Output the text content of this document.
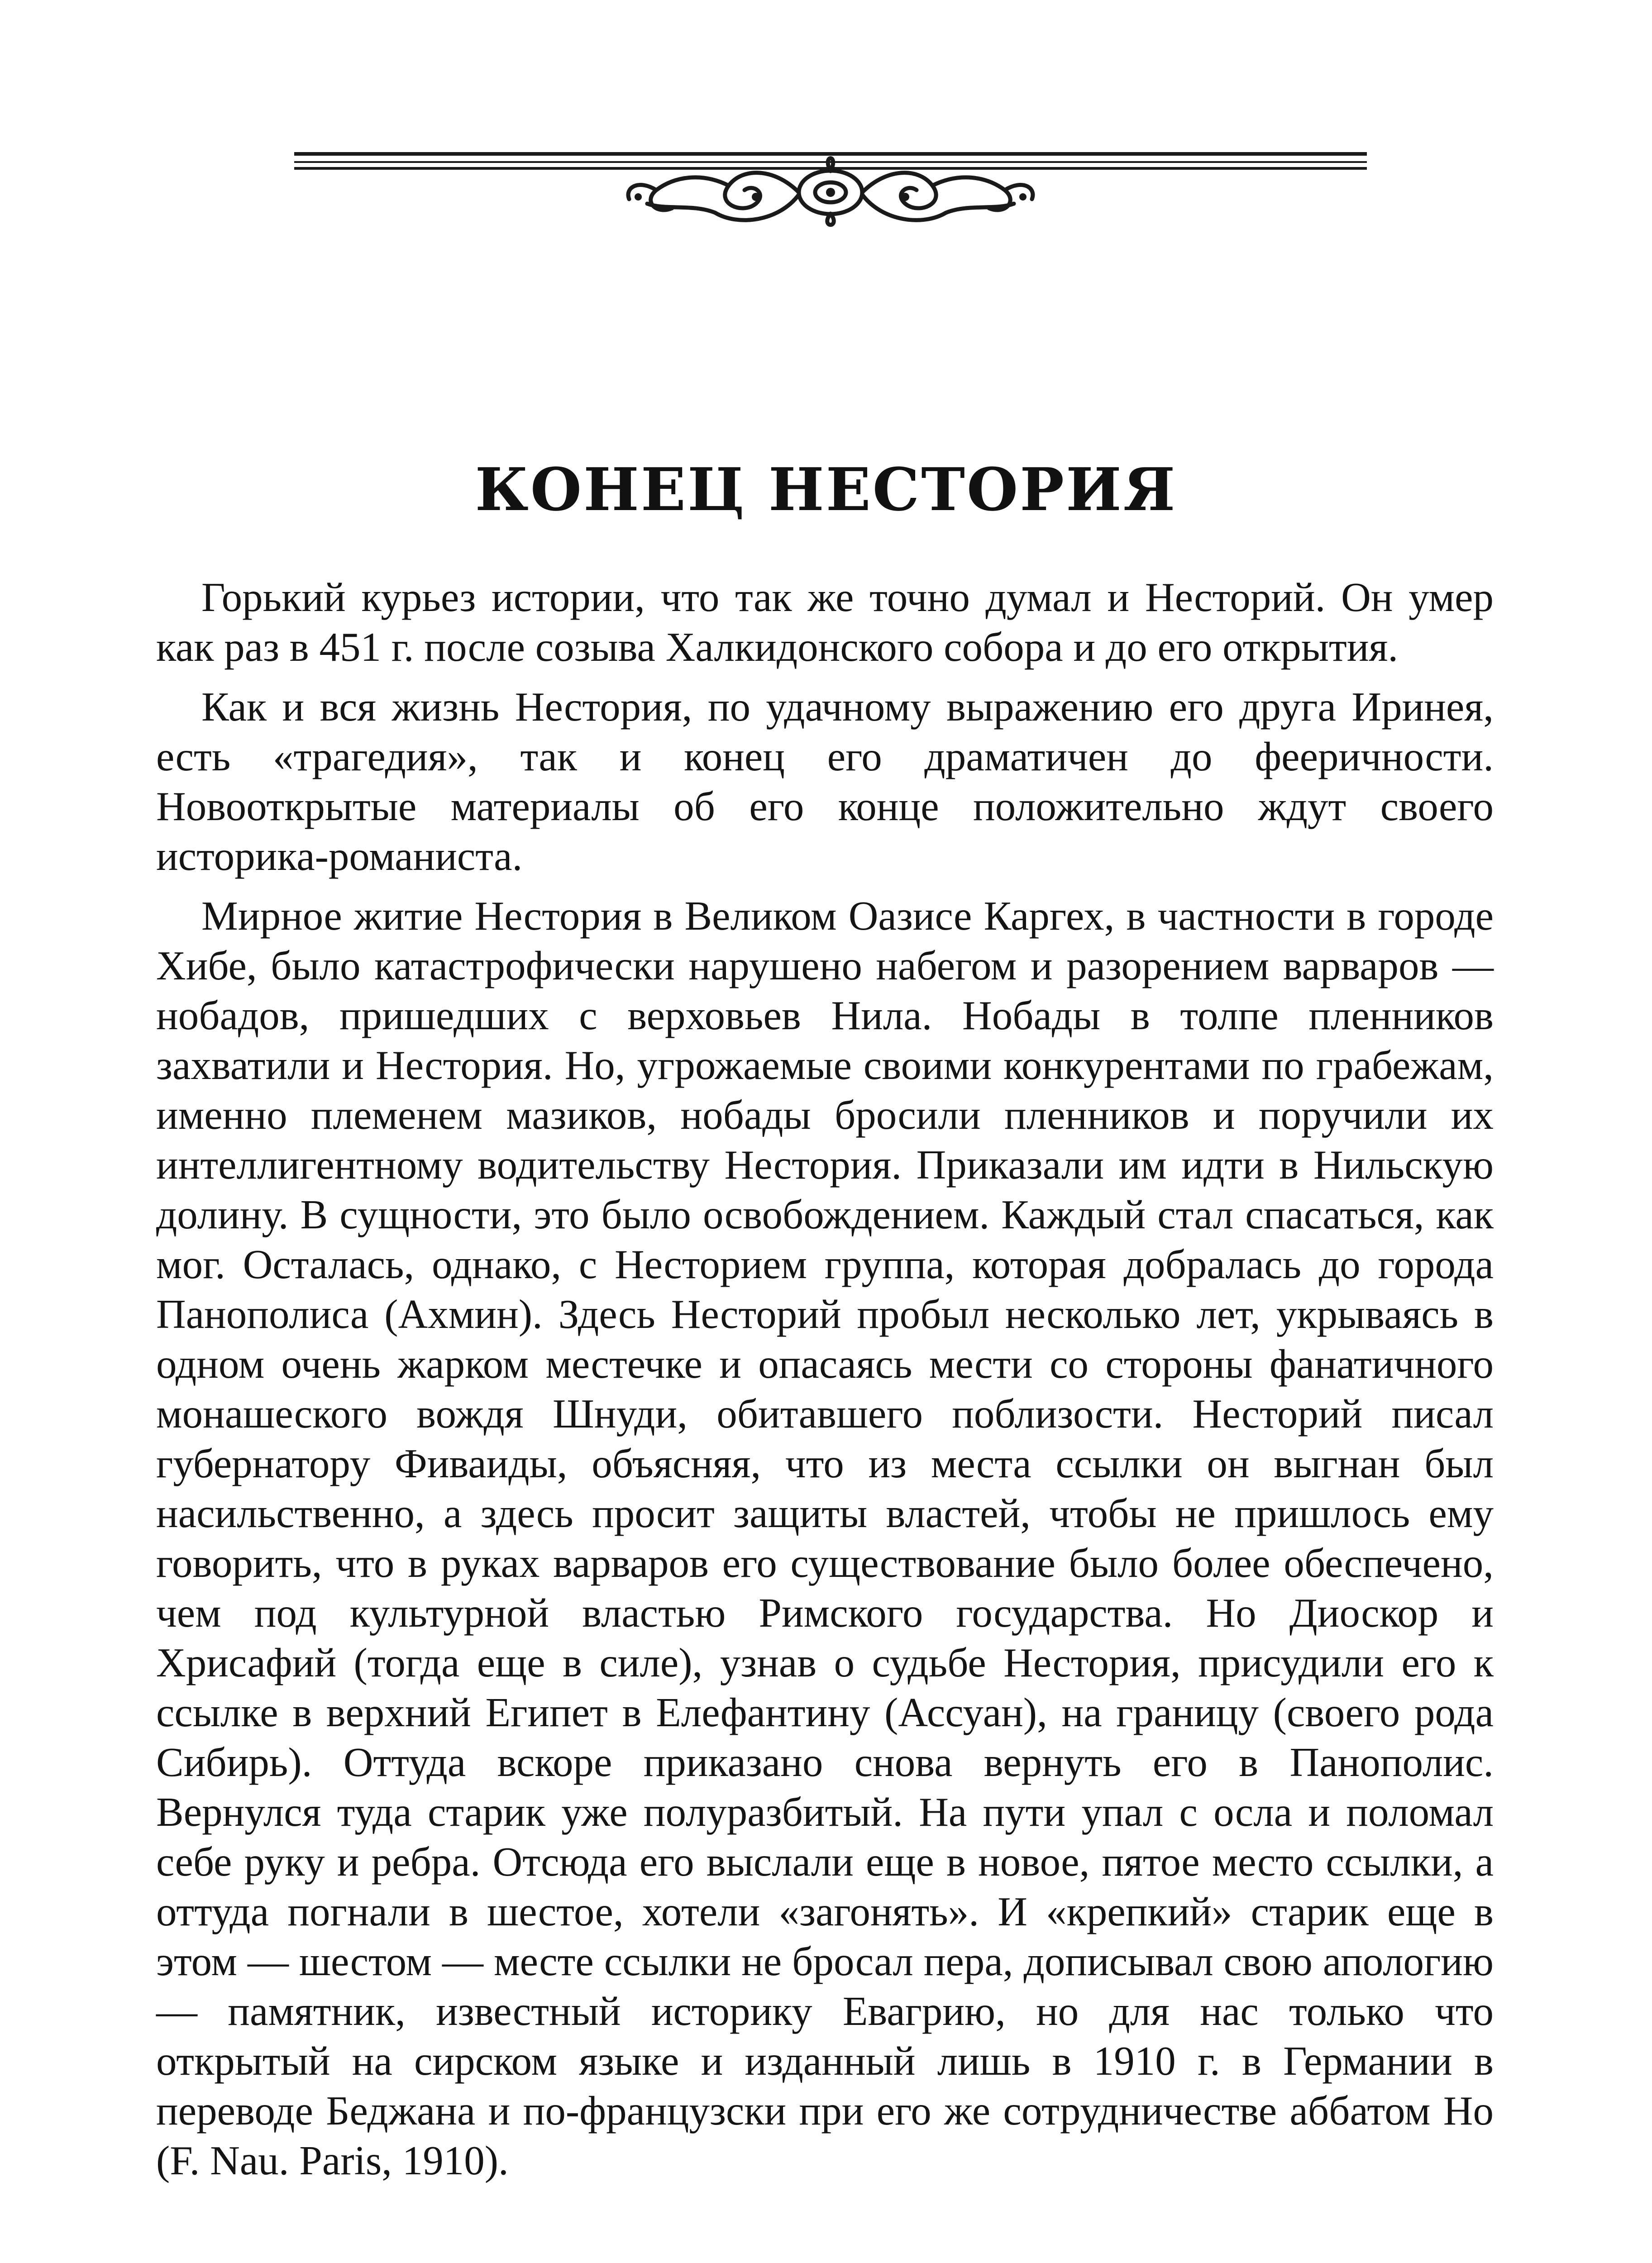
КОНЕЦ НЕСТОРИЯ

Горький курьез истории, что так же точно думал и Несторий. Он умер как раз в 451 г. после созыва Халкидонского собора и до его открытия.

Как и вся жизнь Нестория, по удачному выражению его друга Иринея, есть «трагедия», так и конец его драматичен до фееричности. Новооткрытые материалы об его конце положительно ждут своего историка-романиста.

Мирное житие Нестория в Великом Оазисе Каргех, в частности в городе Хибе, было катастрофически нарушено набегом и разорением варваров — нобадов, пришедших с верховьев Нила. Нобады в толпе пленников захватили и Нестория. Но, угрожаемые своими конкурентами по грабежам, именно племенем мазиков, нобады бросили пленников и поручили их интеллигентному водительству Нестория. Приказали им идти в Нильскую долину. В сущности, это было освобождением. Каждый стал спасаться, как мог. Осталась, однако, с Несторием группа, которая добралась до города Панополиса (Ахмин). Здесь Несторий пробыл несколько лет, укрываясь в одном очень жарком местечке и опасаясь мести со стороны фанатичного монашеского вождя Шнуди, обитавшего поблизости. Несторий писал губернатору Фиваиды, объясняя, что из места ссылки он выгнан был насильственно, а здесь просит защиты властей, чтобы не пришлось ему говорить, что в руках варваров его существование было более обеспечено, чем под культурной властью Римского государства. Но Диоскор и Хрисафий (тогда еще в силе), узнав о судьбе Нестория, присудили его к ссылке в верхний Египет в Елефантину (Ассуан), на границу (своего рода Сибирь). Оттуда вскоре приказано снова вернуть его в Панополис. Вернулся туда старик уже полуразбитый. На пути упал с осла и поломал себе руку и ребра. Отсюда его выслали еще в новое, пятое место ссылки, а оттуда погнали в шестое, хотели «загонять». И «крепкий» старик еще в этом — шестом — месте ссылки не бросал пера, дописывал свою апологию — памятник, известный историку Евагрию, но для нас только что открытый на сирском языке и изданный лишь в 1910 г. в Германии в переводе Беджана и по-французски при его же сотрудничестве аббатом Но (F. Nau. Paris, 1910).
